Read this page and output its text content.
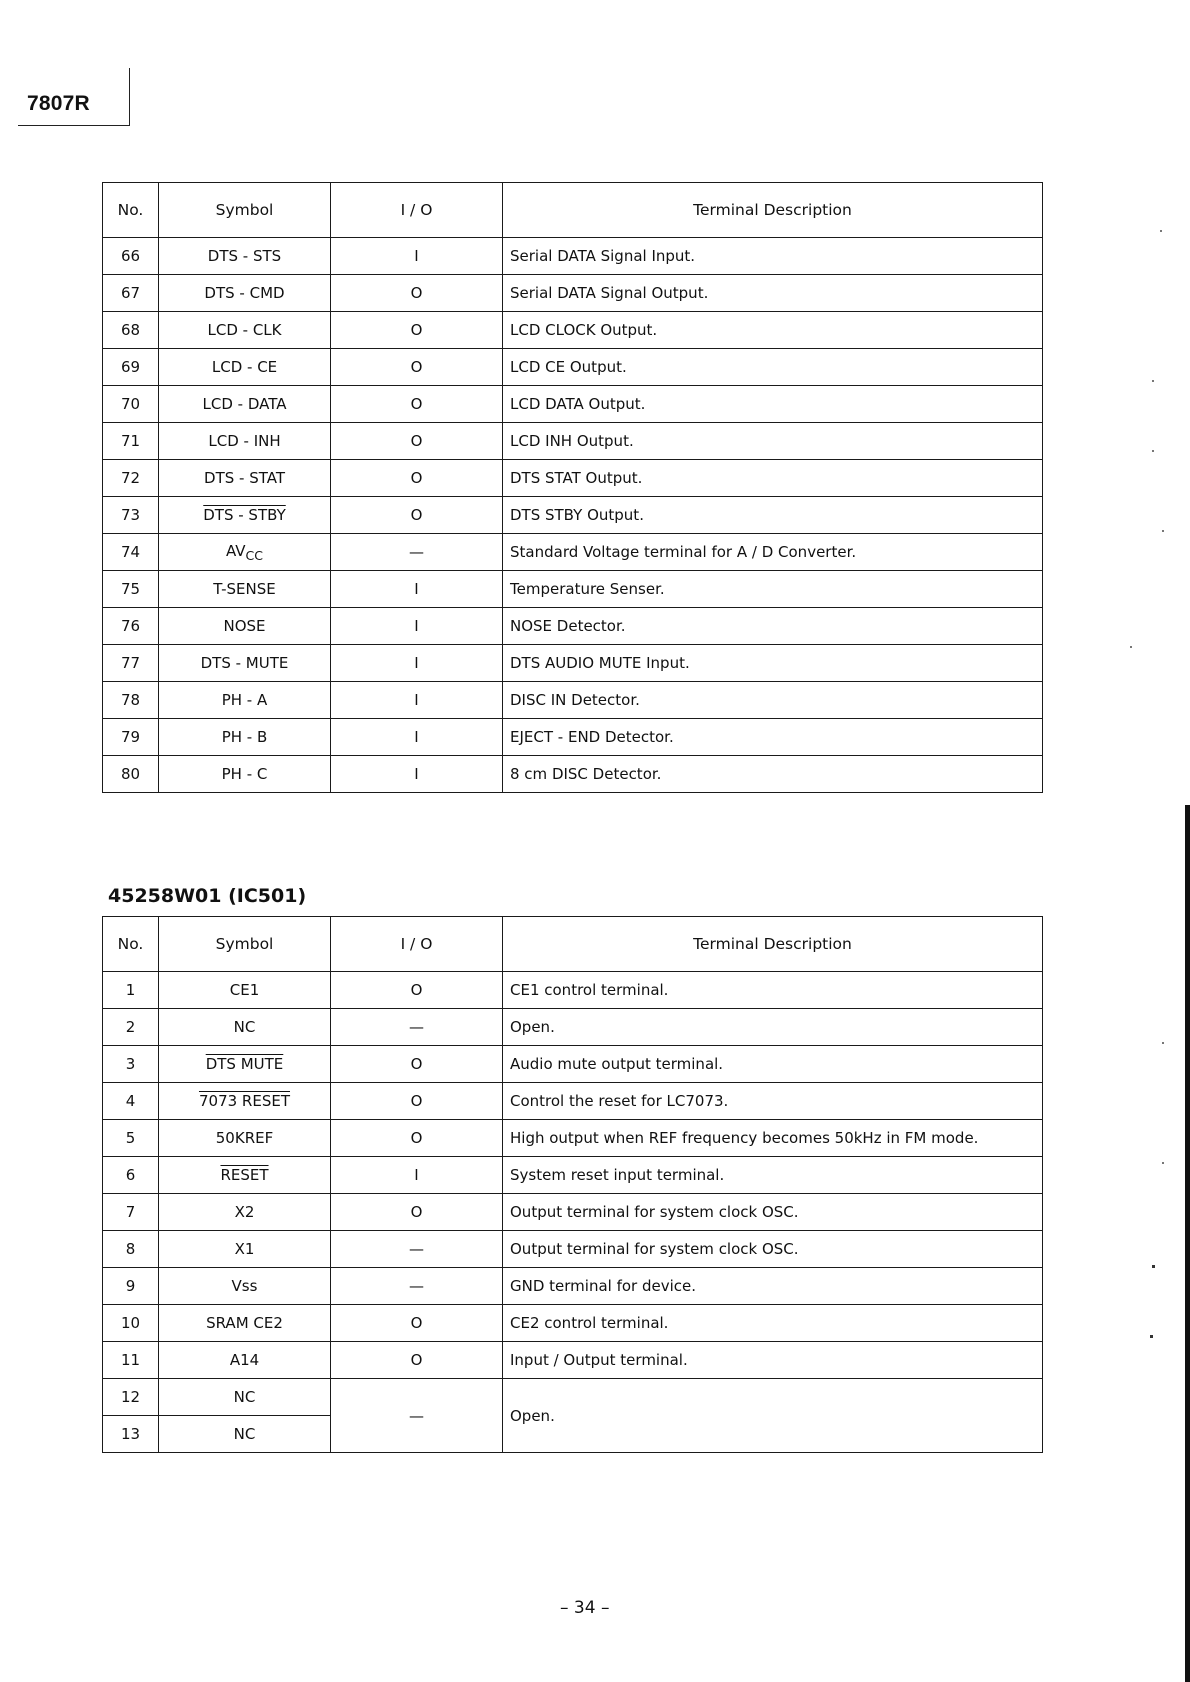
7807R
No.	Symbol	I / O	Terminal Description
66	DTS - STS	I	Serial DATA Signal Input.
67	DTS - CMD	O	Serial DATA Signal Output.
68	LCD - CLK	O	LCD CLOCK Output.
69	LCD - CE	O	LCD CE Output.
70	LCD - DATA	O	LCD DATA Output.
71	LCD - INH	O	LCD INH Output.
72	DTS - STAT	O	DTS STAT Output.
73	DTS - STBY	O	DTS STBY Output.
74	$AV_{CC}$	—	Standard Voltage terminal for A / D Converter.
75	T-SENSE	I	Temperature Senser.
76	NOSE	I	NOSE Detector.
77	DTS - MUTE	I	DTS AUDIO MUTE Input.
78	PH - A	I	DISC IN Detector.
79	PH - B	I	EJECT - END Detector.
80	PH - C	I	8 cm DISC Detector.
45258W01 (IC501)
No.	Symbol	I / O	Terminal Description
1	CE1	O	CE1 control terminal.
2	NC	—	Open.
3	DTS MUTE	O	Audio mute output terminal.
4	7073 RESET	O	Control the reset for LC7073.
5	50KREF	O	High output when REF frequency becomes 50kHz in FM mode.
6	RESET	I	System reset input terminal.
7	X2	O	Output terminal for system clock OSC.
8	X1	—	Output terminal for system clock OSC.
9	Vss	—	GND terminal for device.
10	SRAM CE2	O	CE2 control terminal.
11	A14	O	Input / Output terminal.
12	NC	—	Open.
13	NC		
– 34 –
